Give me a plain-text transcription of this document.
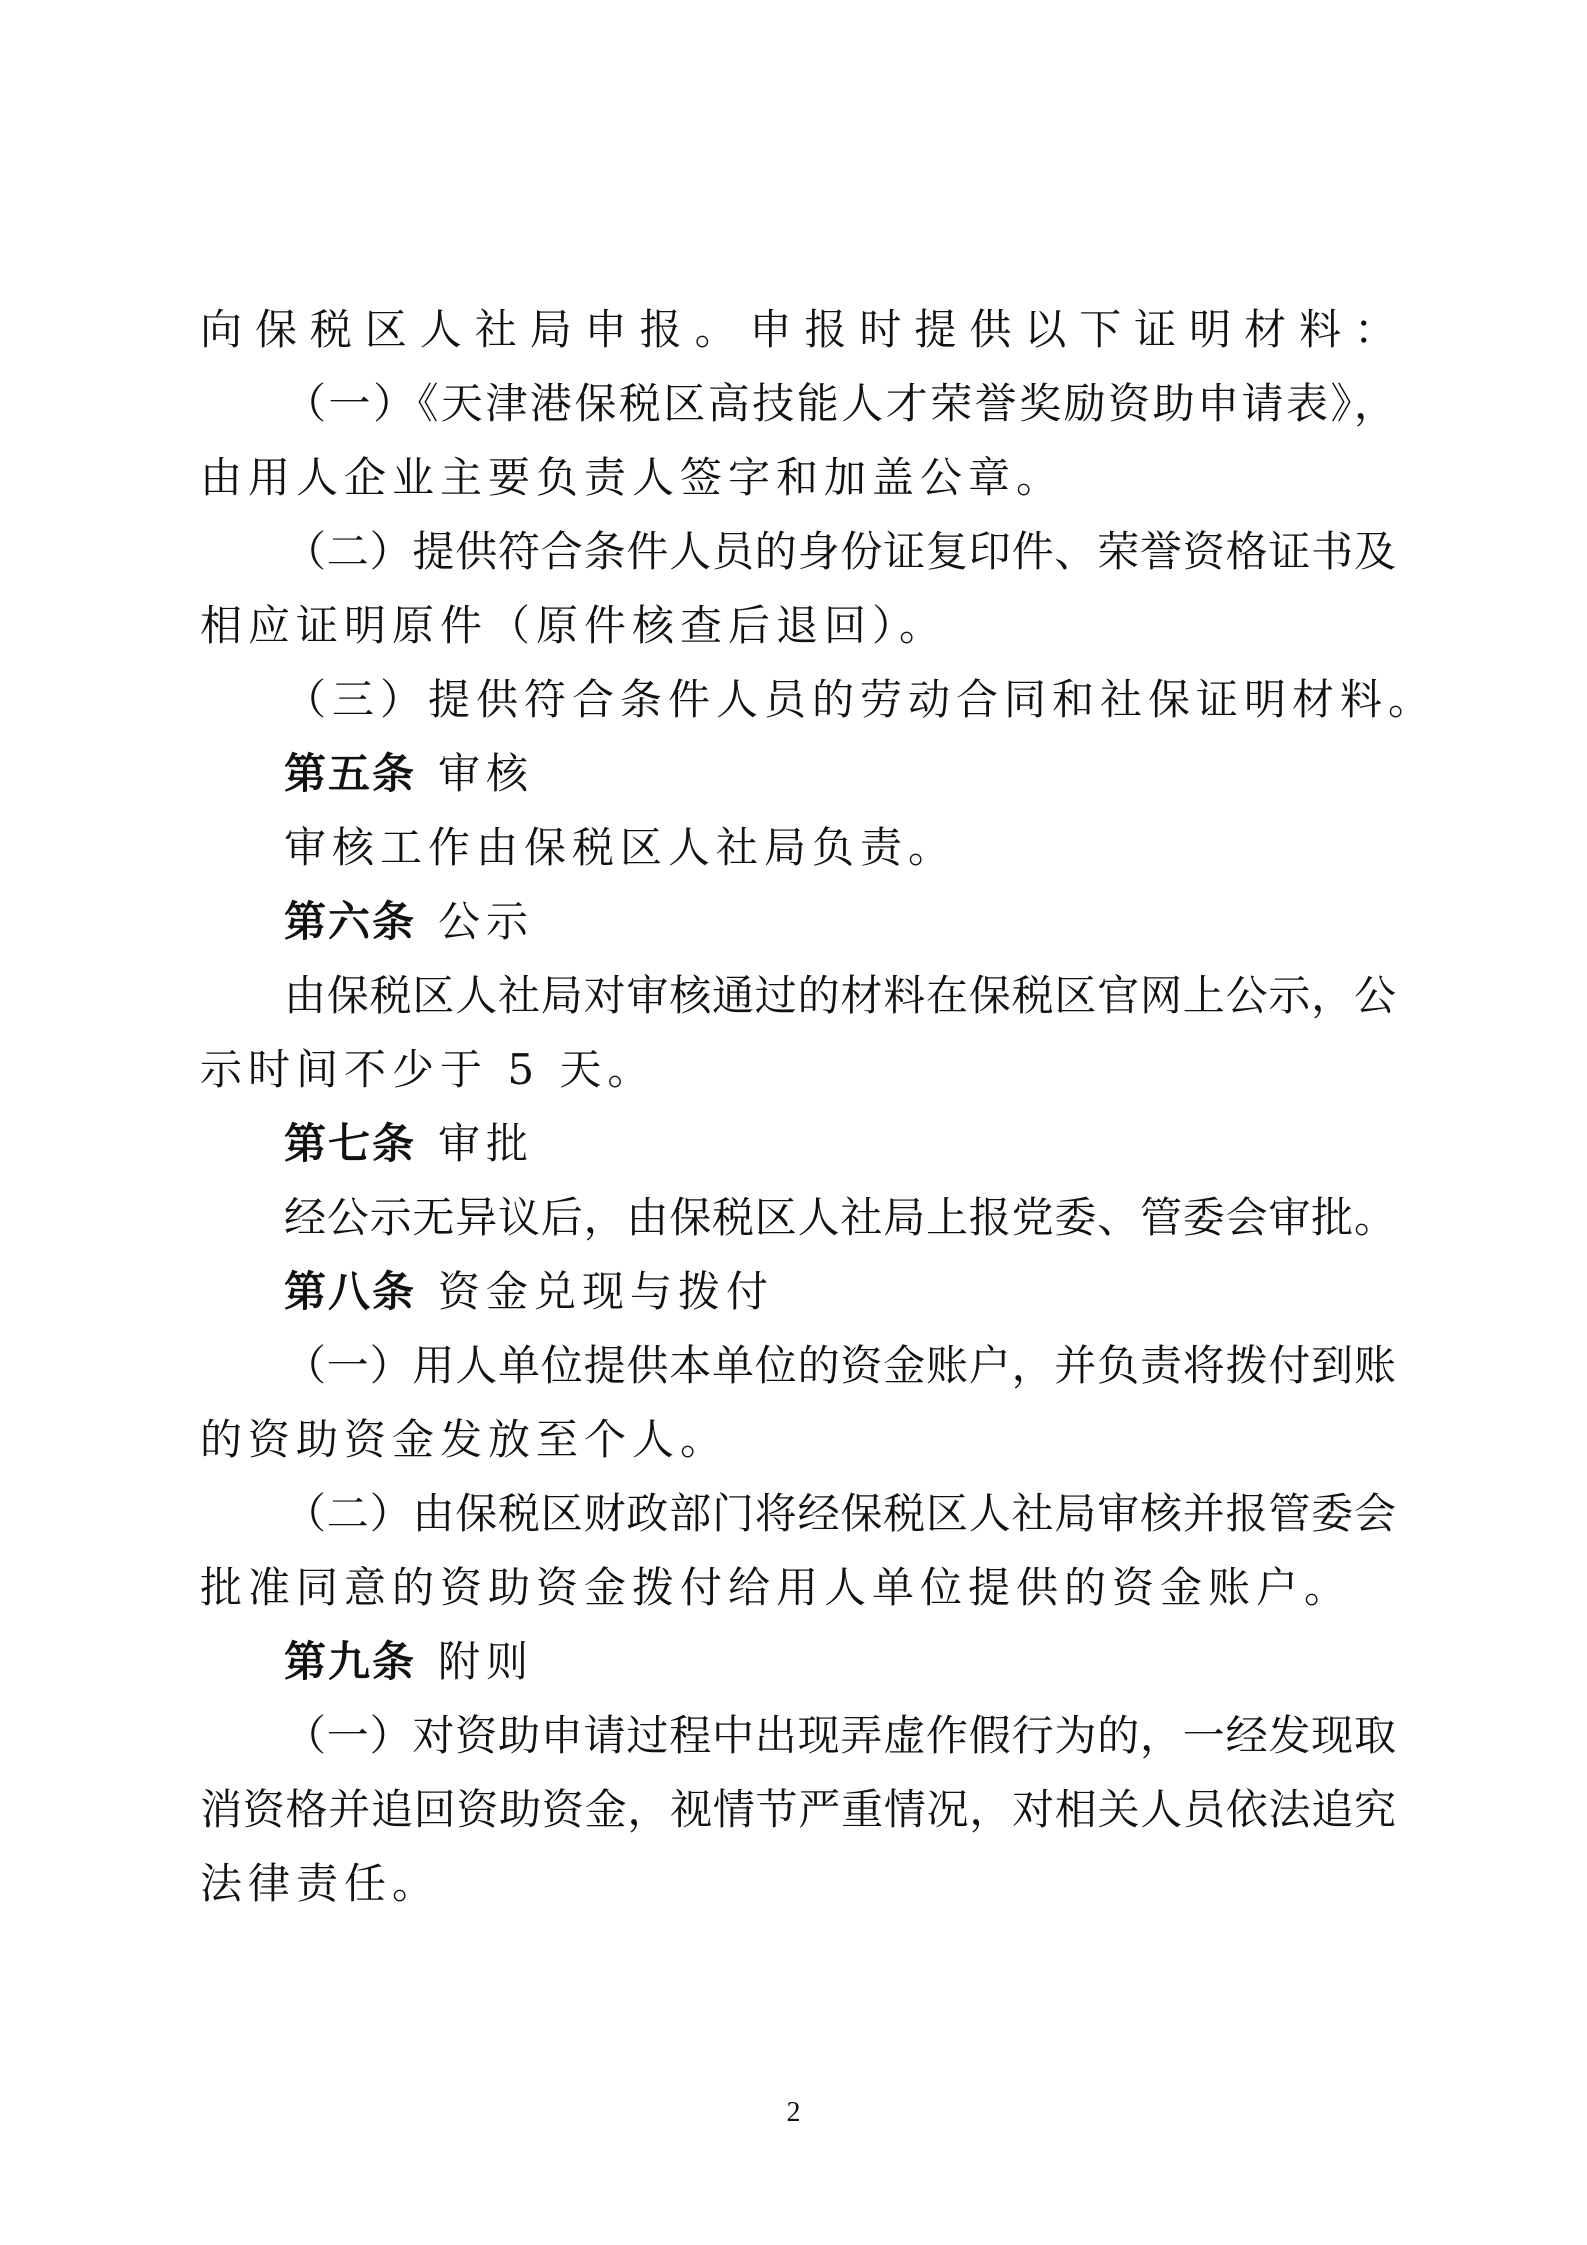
向保税区人社局申报。申报时提供以下证明材料：
（一）《天津港保税区高技能人才荣誉奖励资助申请表》，
由用人企业主要负责人签字和加盖公章。
（二）提供符合条件人员的身份证复印件、荣誉资格证书及
相应证明原件（原件核查后退回）。
（三）提供符合条件人员的劳动合同和社保证明材料。
第五条 审核
审核工作由保税区人社局负责。
第六条 公示
由保税区人社局对审核通过的材料在保税区官网上公示，公
示时间不少于 5 天。
第七条 审批
经公示无异议后，由保税区人社局上报党委、管委会审批。
第八条 资金兑现与拨付
（一）用人单位提供本单位的资金账户，并负责将拨付到账
的资助资金发放至个人。
（二）由保税区财政部门将经保税区人社局审核并报管委会
批准同意的资助资金拨付给用人单位提供的资金账户。
第九条 附则
（一）对资助申请过程中出现弄虚作假行为的，一经发现取
消资格并追回资助资金，视情节严重情况，对相关人员依法追究
法律责任。
2
